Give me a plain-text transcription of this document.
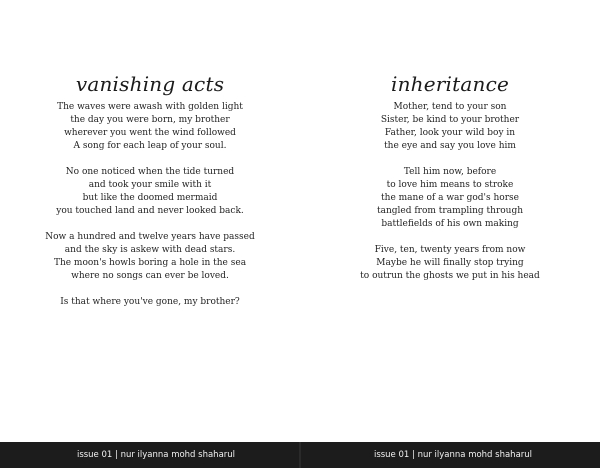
vanishing acts
The waves were awash with golden light
the day you were born, my brother
wherever you went the wind followed
A song for each leap of your soul.
No one noticed when the tide turned
and took your smile with it
but like the doomed mermaid
you touched land and never looked back.
Now a hundred and twelve years have passed
and the sky is askew with dead stars.
The moon's howls boring a hole in the sea
where no songs can ever be loved.
Is that where you've gone, my brother?
inheritance
Mother, tend to your son
Sister, be kind to your brother
Father, look your wild boy in
the eye and say you love him
Tell him now, before
to love him means to stroke
the mane of a war god's horse
tangled from trampling through
battlefields of his own making
Five, ten, twenty years from now
Maybe he will finally stop trying
to outrun the ghosts we put in his head
issue 01 | nur ilyanna mohd shaharul	issue 01 | nur ilyanna mohd shaharul
